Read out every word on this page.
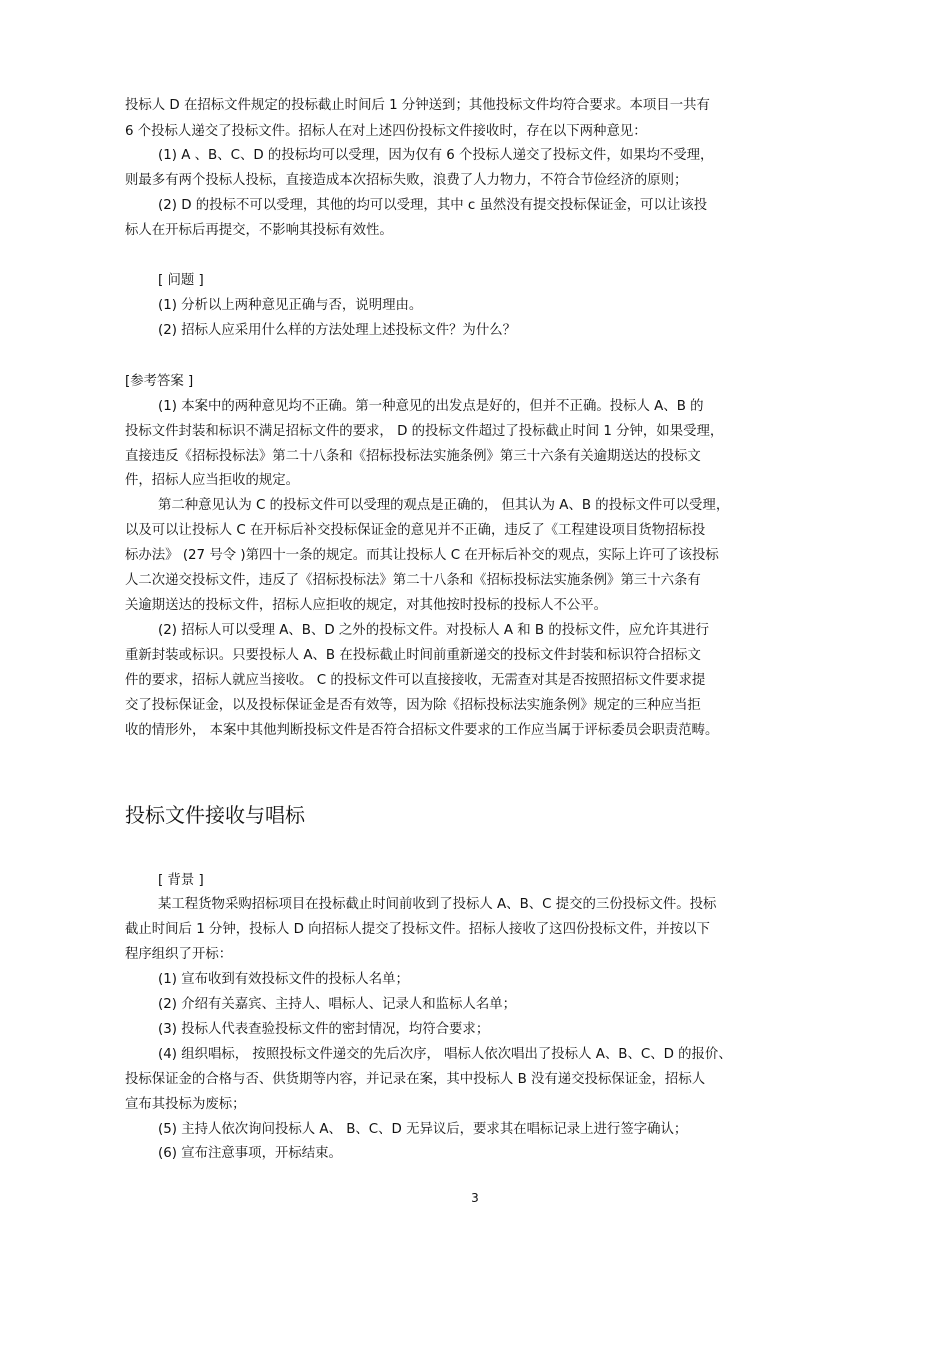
投标人 D 在招标文件规定的投标截止时间后 1 分钟送到；其他投标文件均符合要求。本项目一共有
6 个投标人递交了投标文件。招标人在对上述四份投标文件接收时，存在以下两种意见：
(1) A 、B、C、D 的投标均可以受理，因为仅有 6 个投标人递交了投标文件，如果均不受理，
则最多有两个投标人投标，直接造成本次招标失败，浪费了人力物力，不符合节俭经济的原则；
(2) D 的投标不可以受理，其他的均可以受理，其中 c 虽然没有提交投标保证金，可以让该投
标人在开标后再提交，不影响其投标有效性。
[ 问题 ]
(1) 分析以上两种意见正确与否，说明理由。
(2) 招标人应采用什么样的方法处理上述投标文件？为什么？
[参考答案 ]
(1) 本案中的两种意见均不正确。第一种意见的出发点是好的，但并不正确。投标人 A、B 的
投标文件封装和标识不满足招标文件的要求， D 的投标文件超过了投标截止时间 1 分钟，如果受理，
直接违反《招标投标法》第二十八条和《招标投标法实施条例》第三十六条有关逾期送达的投标文
件，招标人应当拒收的规定。
第二种意见认为 C 的投标文件可以受理的观点是正确的， 但其认为 A、B 的投标文件可以受理，
以及可以让投标人 C 在开标后补交投标保证金的意见并不正确，违反了《工程建设项目货物招标投
标办法》 (27 号令 )第四十一条的规定。而其让投标人 C 在开标后补交的观点，实际上许可了该投标
人二次递交投标文件，违反了《招标投标法》第二十八条和《招标投标法实施条例》第三十六条有
关逾期送达的投标文件，招标人应拒收的规定，对其他按时投标的投标人不公平。
(2) 招标人可以受理 A、B、D 之外的投标文件。对投标人 A 和 B 的投标文件，应允许其进行
重新封装或标识。只要投标人 A、B 在投标截止时间前重新递交的投标文件封装和标识符合招标文
件的要求，招标人就应当接收。 C 的投标文件可以直接接收，无需查对其是否按照招标文件要求提
交了投标保证金，以及投标保证金是否有效等，因为除《招标投标法实施条例》规定的三种应当拒
收的情形外， 本案中其他判断投标文件是否符合招标文件要求的工作应当属于评标委员会职责范畴。
投标文件接收与唱标
[ 背景 ]
某工程货物采购招标项目在投标截止时间前收到了投标人 A、B、C 提交的三份投标文件。投标
截止时间后 1 分钟，投标人 D 向招标人提交了投标文件。招标人接收了这四份投标文件，并按以下
程序组织了开标：
(1) 宣布收到有效投标文件的投标人名单；
(2) 介绍有关嘉宾、主持人、唱标人、记录人和监标人名单；
(3) 投标人代表查验投标文件的密封情况，均符合要求；
(4) 组织唱标， 按照投标文件递交的先后次序， 唱标人依次唱出了投标人 A、B、C、D 的报价、
投标保证金的合格与否、供货期等内容，并记录在案，其中投标人 B 没有递交投标保证金，招标人
宣布其投标为废标；
(5) 主持人依次询问投标人 A、 B、C、D 无异议后，要求其在唱标记录上进行签字确认；
(6) 宣布注意事项，开标结束。
3
